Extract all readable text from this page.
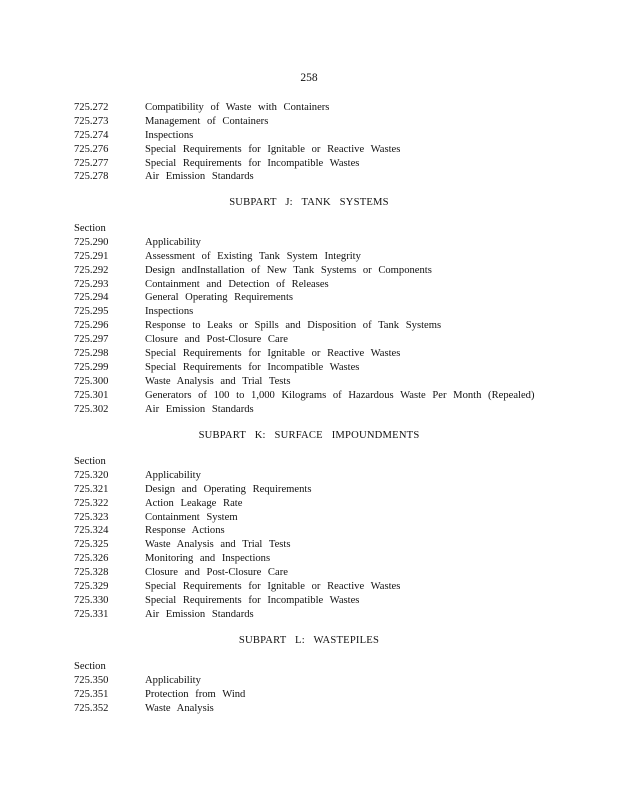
258
725.272	Compatibility of Waste with Containers
725.273	Management of Containers
725.274	Inspections
725.276	Special Requirements for Ignitable or Reactive Wastes
725.277	Special Requirements for Incompatible Wastes
725.278	Air Emission Standards
SUBPART J: TANK SYSTEMS
Section
725.290	Applicability
725.291	Assessment of Existing Tank System Integrity
725.292	Design andInstallation of New Tank Systems or Components
725.293	Containment and Detection of Releases
725.294	General Operating Requirements
725.295	Inspections
725.296	Response to Leaks or Spills and Disposition of Tank Systems
725.297	Closure and Post-Closure Care
725.298	Special Requirements for Ignitable or Reactive Wastes
725.299	Special Requirements for Incompatible Wastes
725.300	Waste Analysis and Trial Tests
725.301	Generators of 100 to 1,000 Kilograms of Hazardous Waste Per Month (Repealed)
725.302	Air Emission Standards
SUBPART K: SURFACE IMPOUNDMENTS
Section
725.320	Applicability
725.321	Design and Operating Requirements
725.322	Action Leakage Rate
725.323	Containment System
725.324	Response Actions
725.325	Waste Analysis and Trial Tests
725.326	Monitoring and Inspections
725.328	Closure and Post-Closure Care
725.329	Special Requirements for Ignitable or Reactive Wastes
725.330	Special Requirements for Incompatible Wastes
725.331	Air Emission Standards
SUBPART L: WASTEPILES
Section
725.350	Applicability
725.351	Protection from Wind
725.352	Waste Analysis
